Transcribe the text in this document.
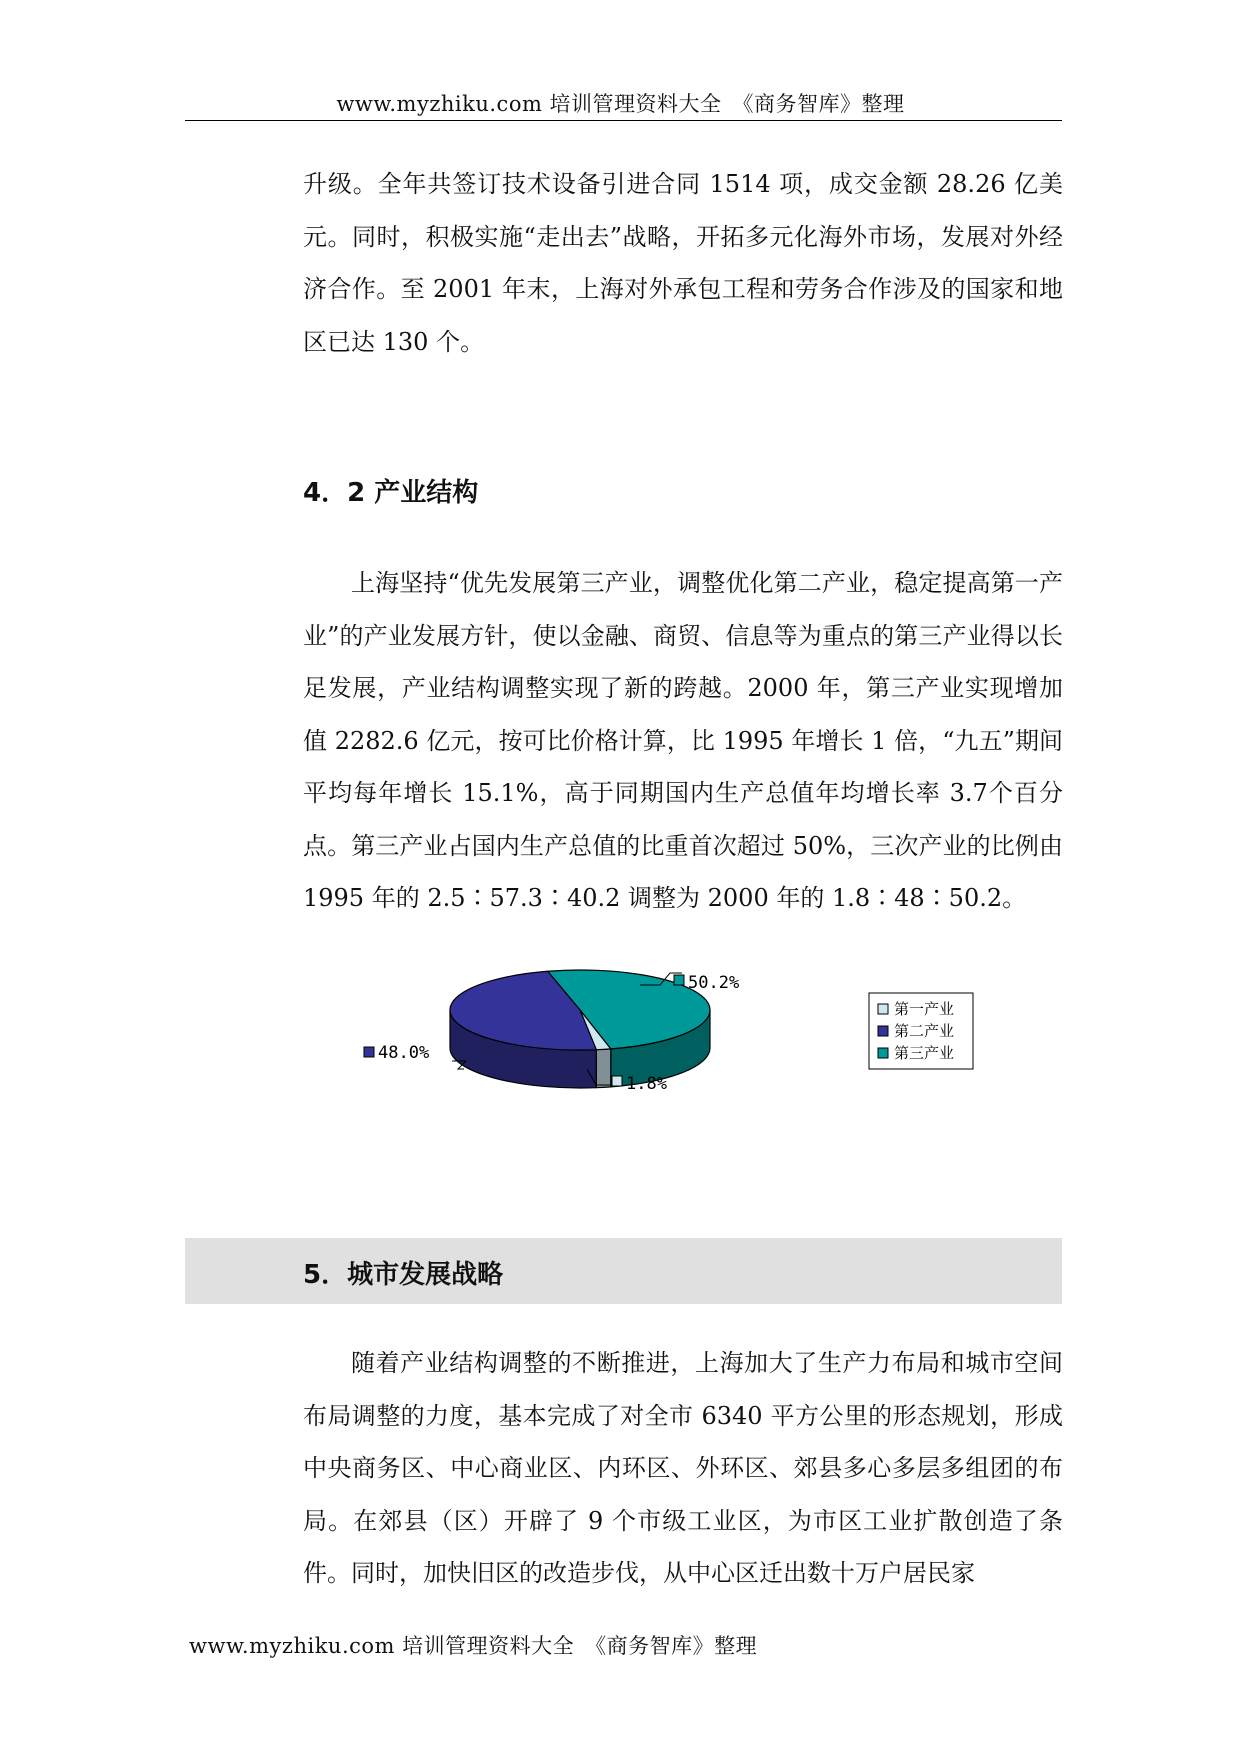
www.myzhiku.com 培训管理资料大全　《商务智库》整理

升级。全年共签订技术设备引进合同 1514 项，成交金额 28.26 亿美元。同时，积极实施“走出去”战略，开拓多元化海外市场，发展对外经济合作。至 2001 年末，上海对外承包工程和劳务合作涉及的国家和地区已达 130 个。

4．2 产业结构

上海坚持“优先发展第三产业，调整优化第二产业，稳定提高第一产业”的产业发展方针，使以金融、商贸、信息等为重点的第三产业得以长足发展，产业结构调整实现了新的跨越。2000 年，第三产业实现增加值 2282.6 亿元，按可比价格计算，比 1995 年增长 1 倍，“九五”期间平均每年增长 15.1%，高于同期国内生产总值年均增长率 3.7个百分点。第三产业占国内生产总值的比重首次超过 50%，三次产业的比例由 1995 年的 2.5∶57.3∶40.2 调整为 2000 年的 1.8∶48∶50.2。

第一产业
第二产业
第三产业
50.2%
48.0%
1.8%
5．城市发展战略

随着产业结构调整的不断推进，上海加大了生产力布局和城市空间布局调整的力度，基本完成了对全市 6340 平方公里的形态规划，形成中央商务区、中心商业区、内环区、外环区、郊县多心多层多组团的布局。在郊县（区）开辟了 9 个市级工业区，为市区工业扩散创造了条件。同时，加快旧区的改造步伐，从中心区迁出数十万户居民家

www.myzhiku.com 培训管理资料大全　《商务智库》整理
